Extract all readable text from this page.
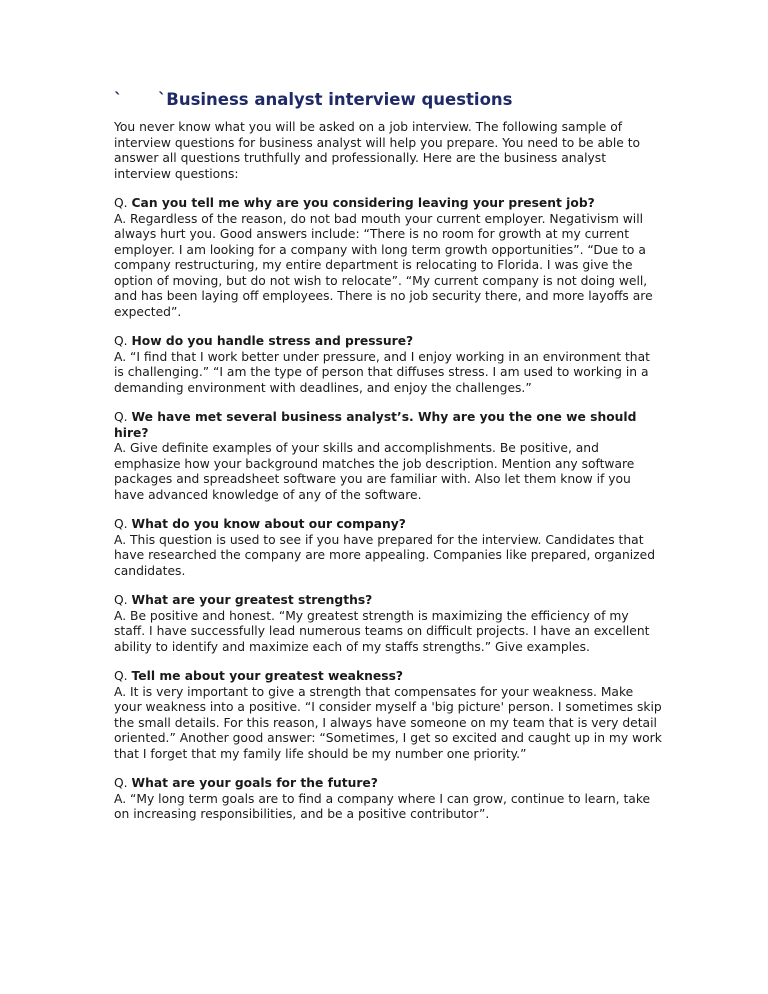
` `Business analyst interview questions

You never know what you will be asked on a job interview. The following sample of interview questions for business analyst will help you prepare. You need to be able to answer all questions truthfully and professionally. Here are the business analyst interview questions:

Q. Can you tell me why are you considering leaving your present job?

A. Regardless of the reason, do not bad mouth your current employer. Negativism will always hurt you. Good answers include: “There is no room for growth at my current employer. I am looking for a company with long term growth opportunities”. “Due to a company restructuring, my entire department is relocating to Florida. I was give the option of moving, but do not wish to relocate”. “My current company is not doing well, and has been laying off employees. There is no job security there, and more layoffs are expected”.

Q. How do you handle stress and pressure?

A. “I find that I work better under pressure, and I enjoy working in an environment that is challenging.” “I am the type of person that diffuses stress. I am used to working in a demanding environment with deadlines, and enjoy the challenges.”

Q. We have met several business analyst’s. Why are you the one we should hire?

A. Give definite examples of your skills and accomplishments. Be positive, and emphasize how your background matches the job description. Mention any software packages and spreadsheet software you are familiar with. Also let them know if you have advanced knowledge of any of the software.

Q. What do you know about our company?

A. This question is used to see if you have prepared for the interview. Candidates that have researched the company are more appealing. Companies like prepared, organized candidates.

Q. What are your greatest strengths?

A. Be positive and honest. “My greatest strength is maximizing the efficiency of my staff. I have successfully lead numerous teams on difficult projects. I have an excellent ability to identify and maximize each of my staffs strengths.” Give examples.

Q. Tell me about your greatest weakness?

A. It is very important to give a strength that compensates for your weakness. Make your weakness into a positive. “I consider myself a 'big picture' person. I sometimes skip the small details. For this reason, I always have someone on my team that is very detail oriented.” Another good answer: “Sometimes, I get so excited and caught up in my work that I forget that my family life should be my number one priority.”

Q. What are your goals for the future?

A. “My long term goals are to find a company where I can grow, continue to learn, take on increasing responsibilities, and be a positive contributor”.
